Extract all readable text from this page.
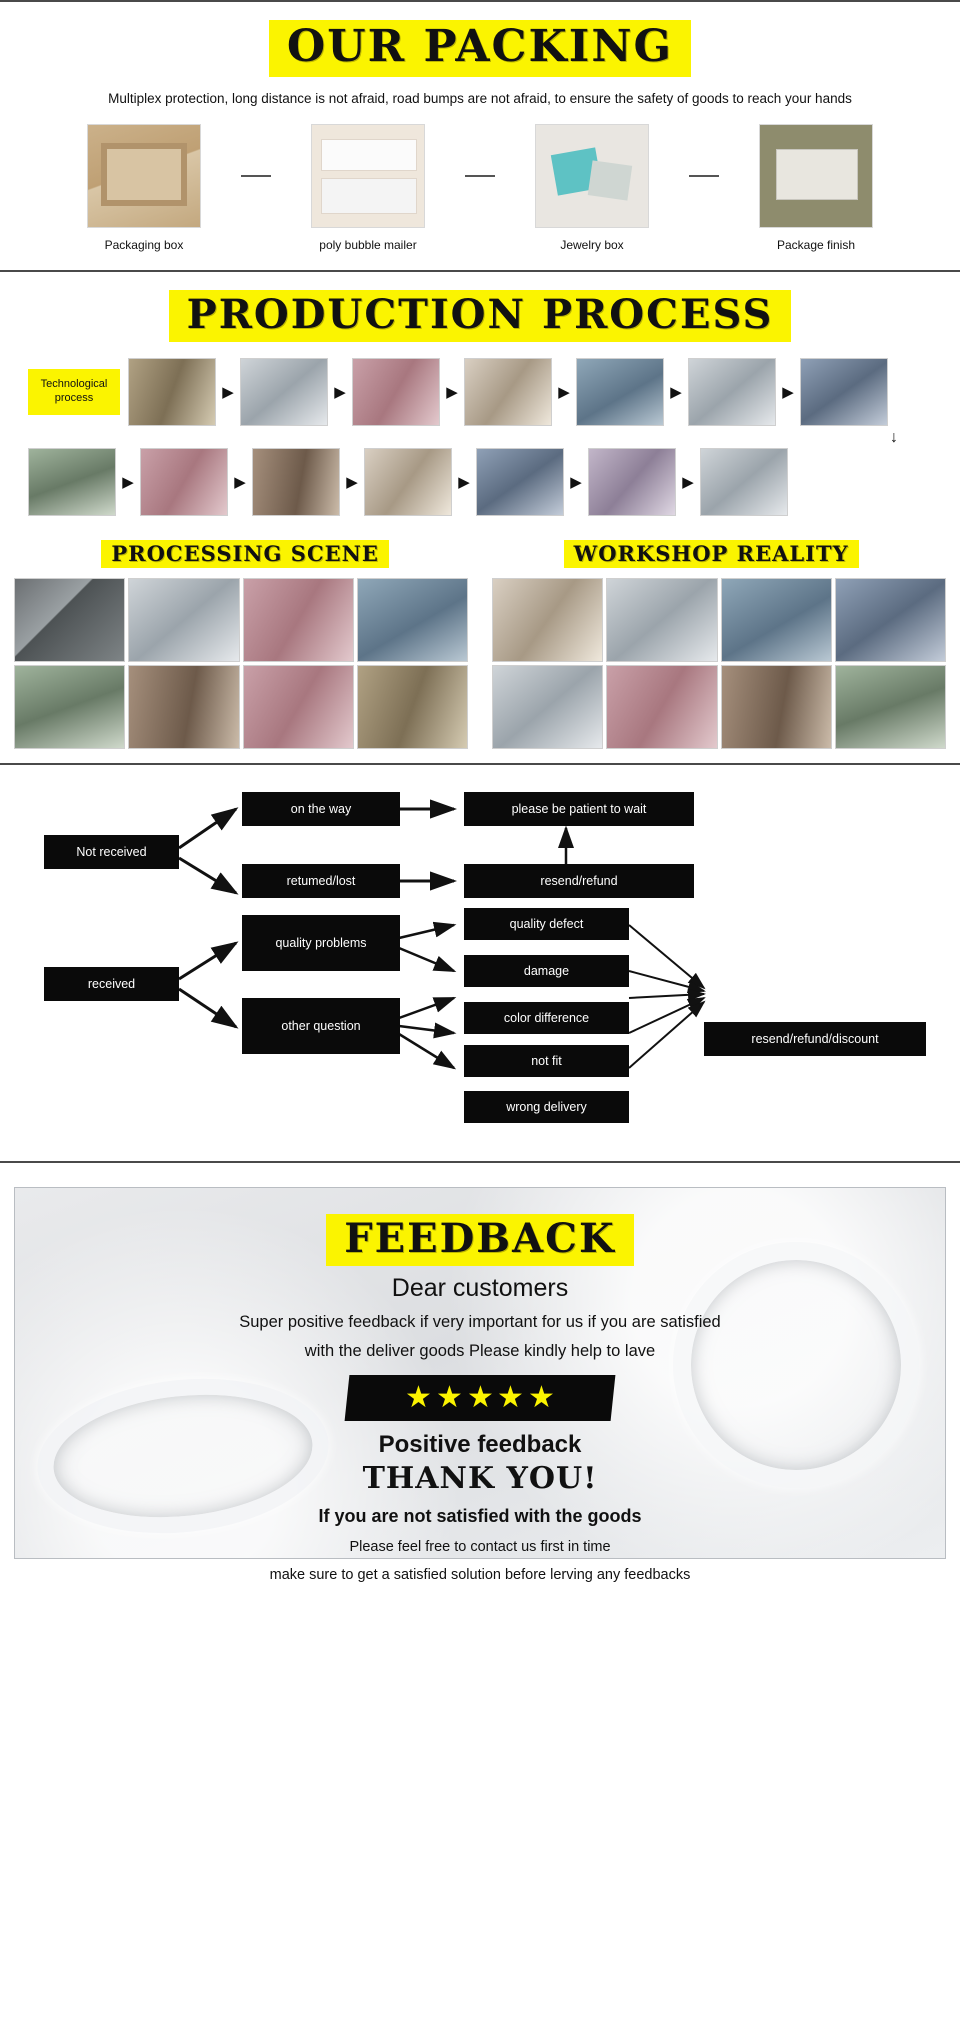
OUR PACKING
Multiplex protection, long distance is not afraid, road bumps are not afraid, to ensure the safety of goods to reach your hands
Packaging box	poly bubble mailer	Jewelry box	Package finish
PRODUCTION PROCESS
Technological process	▶	▶	▶	▶	▶	▶
↓
▶	▶	▶	▶	▶	▶
PROCESSING SCENE	WORKSHOP REALITY
Not received
on the way
retumed/lost
please be patient to wait
resend/refund
received
quality problems
other question
quality defect
damage
color difference
not fit
wrong delivery
resend/refund/discount
FEEDBACK
Dear customers
Super positive feedback if very important for us if you are satisfied
with the deliver goods Please kindly help to lave
★ ★ ★ ★ ★
Positive feedback
THANK YOU!
If you are not satisfied with the goods
Please feel free to contact us first in time
make sure to get a satisfied solution before lerving any feedbacks
